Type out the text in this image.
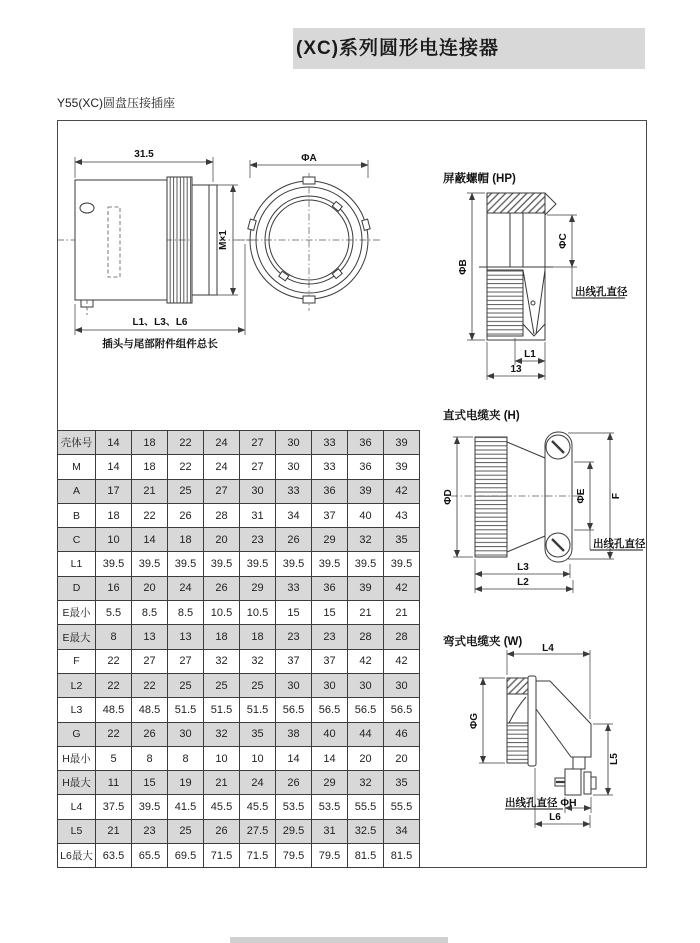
(XC)系列圆形电连接器
Y55(XC)圆盘压接插座
31.5
M×1
L1、L3、L6
插头与尾部附件组件总长
ΦA
屏蔽螺帽 (HP)
ΦB
ΦC
出线孔直径
L1
13
直式电缆夹 (H)
ΦD	ΦE F
出线孔直径
L3
L2
弯式电缆夹 (W)
L4
ΦG
L5
出线孔直径 ΦH
L6
壳体号	14	18	22	24	27	30	33	36	39
M	14	18	22	24	27	30	33	36	39
A	17	21	25	27	30	33	36	39	42
B	18	22	26	28	31	34	37	40	43
C	10	14	18	20	23	26	29	32	35
L1	39.5	39.5	39.5	39.5	39.5	39.5	39.5	39.5	39.5
D	16	20	24	26	29	33	36	39	42
E最小	5.5	8.5	8.5	10.5	10.5	15	15	21	21
E最大	8	13	13	18	18	23	23	28	28
F	22	27	27	32	32	37	37	42	42
L2	22	22	25	25	25	30	30	30	30
L3	48.5	48.5	51.5	51.5	51.5	56.5	56.5	56.5	56.5
G	22	26	30	32	35	38	40	44	46
H最小	5	8	8	10	10	14	14	20	20
H最大	11	15	19	21	24	26	29	32	35
L4	37.5	39.5	41.5	45.5	45.5	53.5	53.5	55.5	55.5
L5	21	23	25	26	27.5	29.5	31	32.5	34
L6最大	63.5	65.5	69.5	71.5	71.5	79.5	79.5	81.5	81.5
